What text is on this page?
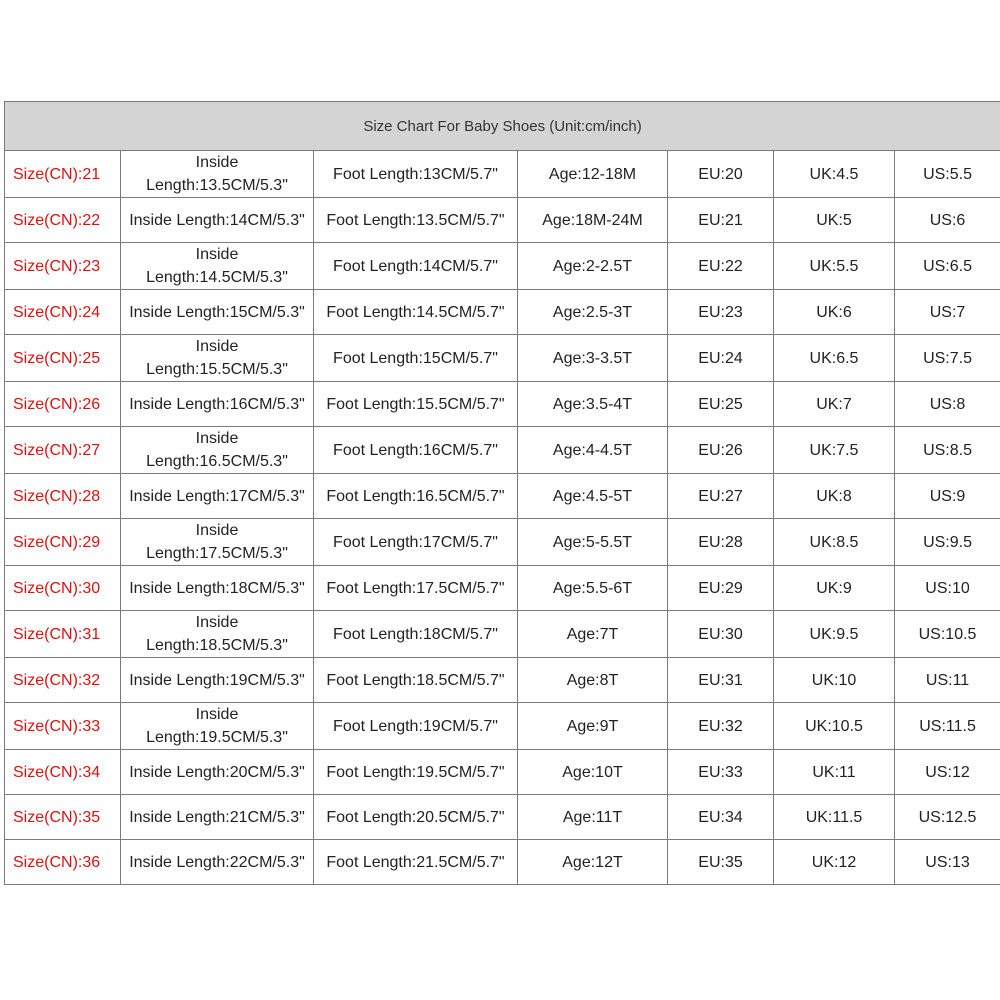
Size Chart For Baby Shoes (Unit:cm/inch)						
Size(CN):21	Inside Length:13.5CM/5.3"	Foot Length:13CM/5.7"	Age:12-18M	EU:20	UK:4.5	US:5.5
Size(CN):22	Inside Length:14CM/5.3"	Foot Length:13.5CM/5.7"	Age:18M-24M	EU:21	UK:5	US:6
Size(CN):23	Inside Length:14.5CM/5.3"	Foot Length:14CM/5.7"	Age:2-2.5T	EU:22	UK:5.5	US:6.5
Size(CN):24	Inside Length:15CM/5.3"	Foot Length:14.5CM/5.7"	Age:2.5-3T	EU:23	UK:6	US:7
Size(CN):25	Inside Length:15.5CM/5.3"	Foot Length:15CM/5.7"	Age:3-3.5T	EU:24	UK:6.5	US:7.5
Size(CN):26	Inside Length:16CM/5.3"	Foot Length:15.5CM/5.7"	Age:3.5-4T	EU:25	UK:7	US:8
Size(CN):27	Inside Length:16.5CM/5.3"	Foot Length:16CM/5.7"	Age:4-4.5T	EU:26	UK:7.5	US:8.5
Size(CN):28	Inside Length:17CM/5.3"	Foot Length:16.5CM/5.7"	Age:4.5-5T	EU:27	UK:8	US:9
Size(CN):29	Inside Length:17.5CM/5.3"	Foot Length:17CM/5.7"	Age:5-5.5T	EU:28	UK:8.5	US:9.5
Size(CN):30	Inside Length:18CM/5.3"	Foot Length:17.5CM/5.7"	Age:5.5-6T	EU:29	UK:9	US:10
Size(CN):31	Inside Length:18.5CM/5.3"	Foot Length:18CM/5.7"	Age:7T	EU:30	UK:9.5	US:10.5
Size(CN):32	Inside Length:19CM/5.3"	Foot Length:18.5CM/5.7"	Age:8T	EU:31	UK:10	US:11
Size(CN):33	Inside Length:19.5CM/5.3"	Foot Length:19CM/5.7"	Age:9T	EU:32	UK:10.5	US:11.5
Size(CN):34	Inside Length:20CM/5.3"	Foot Length:19.5CM/5.7"	Age:10T	EU:33	UK:11	US:12
Size(CN):35	Inside Length:21CM/5.3"	Foot Length:20.5CM/5.7"	Age:11T	EU:34	UK:11.5	US:12.5
Size(CN):36	Inside Length:22CM/5.3"	Foot Length:21.5CM/5.7"	Age:12T	EU:35	UK:12	US:13
